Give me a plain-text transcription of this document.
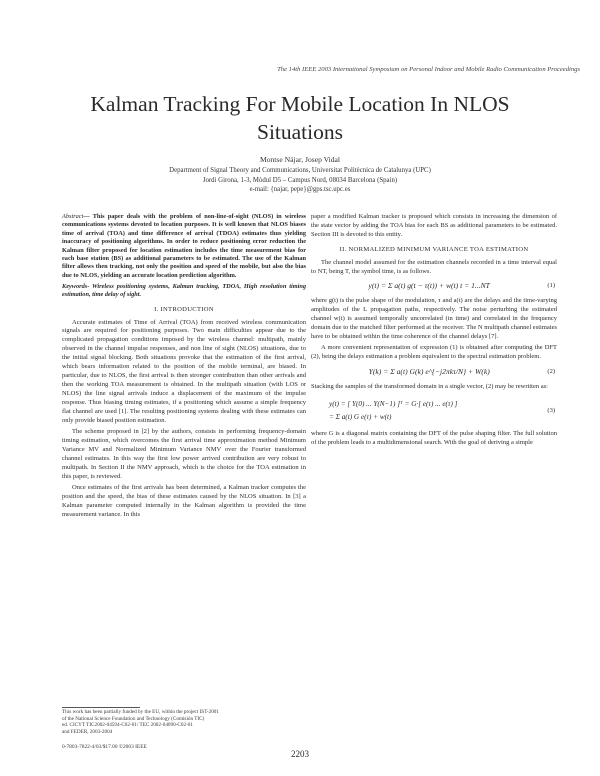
The 14th IEEE 2003 International Symposium on Personal Indoor and Mobile Radio Communication Proceedings
Kalman Tracking For Mobile Location In NLOS
Situations
Montse Nájar, Josep Vidal
Department of Signal Theory and Communications, Universitat Politècnica de Catalunya (UPC)
Jordi Girona, 1-3, Mòdul D5 – Campus Nord, 08034 Barcelona (Spain)
e-mail: {najar, pepe}@gps.tsc.upc.es

Abstract— This paper deals with the problem of non-line-of-sight (NLOS) in wireless communications systems devoted to location purposes. It is well known that NLOS biases time of arrival (TOA) and time difference of arrival (TDOA) estimates thus yielding inaccuracy of positioning algorithms. In order to reduce positioning error reduction the Kalman filter proposed for location estimation includes the time measurement bias for each base station (BS) as additional parameters to be estimated. The use of the Kalman filter allows then tracking, not only the position and speed of the mobile, but also the bias due to NLOS, yielding an accurate location prediction algorithm.

Keywords- Wireless positioning systems, Kalman tracking, TDOA, High resolution timing estimation, time delay of sight.

I. INTRODUCTION

Accurate estimates of Time of Arrival (TOA) from received wireless communication signals are required for positioning purposes. Two main difficulties appear due to the complicated propagation conditions imposed by the wireless channel: multipath, mainly observed in the channel impulse responses, and non line of sight (NLOS) situations, due to the initial signal blocking. Both situations provoke that the estimation of the first arrival, which bears information related to the position of the mobile terminal, are biased. In particular, due to NLOS, the first arrival is then stronger contribution than other arrivals and then the working TOA measurement is obtained. In the multipath situation (with LOS or NLOS) the line signal arrivals induce a displacement of the maximum of the impulse response. Thus biasing timing estimates, if a positioning which assume a simple frequency flat channel are used [1]. The resulting positioning systems dealing with these estimates can only provide biased position estimation.

The scheme proposed in [2] by the authors, consists in performing frequency-domain timing estimation, which overcomes the first arrival time approximation method Minimum Variance MV and Normalized Minimum Variance NMV over the Fourier transformed channel estimates. In this way the first low power arrived contribution are very robust to multipath. In Section II the NMV approach, which is the choice for the TOA estimation in this paper, is reviewed.

Once estimates of the first arrivals has been determined, a Kalman tracker computes the position and the speed, the bias of these estimates caused by the NLOS situation. In [3] a Kalman parameter computed internally in the Kalman algorithm is provided the time measurement variance. In this

paper a modified Kalman tracker is proposed which consists in increasing the dimension of the state vector by adding the TOA bias for each BS as additional parameters to be estimated. Section III is devoted to this entity.

II. NORMALIZED MINIMUM VARIANCE TOA ESTIMATION

The channel model assumed for the estimation channels recorded in a time interval equal to NT, being T, the symbol time, is as follows.

y(t) = Σ a(t) g(t − τ(t)) + w(t) t = 1...NT	(1)

where g(t) is the pulse shape of the modulation, τ and a(t) are the delays and the time-varying amplitudes of the L propagation paths, respectively. The noise perturbing the estimated channel w(t) is assumed temporally uncorrelated (in time) and correlated in the frequency domain due to the matched filter performed at the receiver. The N multipath channel estimates have to be obtained within the time coherence of the channel delays [7].

A more convenient representation of expression (1) is obtained after computing the DFT (2), being the delays estimation a problem equivalent to the spectral estimation problem.

Y(k) = Σ a(t) G(k) e^{−j2πkτ/N} + W(k)	(2)

Stacking the samples of the transformed domain in a single vector, (2) may be rewritten as:

y(t) = [ Y(0) ... Y(N−1) ]ᵀ = G·[ e(τ) ... e(τ) ]
= Σ a(t) G e(τ) + w(t)
(3)

where G is a diagonal matrix containing the DFT of the pulse shaping filter. The full solution of the problem leads to a multidimensional search. With the goal of deriving a simple

This work has been partially funded by the EU, within the project IST-2001
of the National Science Foundation and Technology (Comisión TIC)
ed. CICYT TIC2002-04594-C02-01/ TEC 2002-04090-C02-01
and FEDER, 2003-2004
0-7803-7822-4/03/$17.00 ©2003 IEEE
2203
